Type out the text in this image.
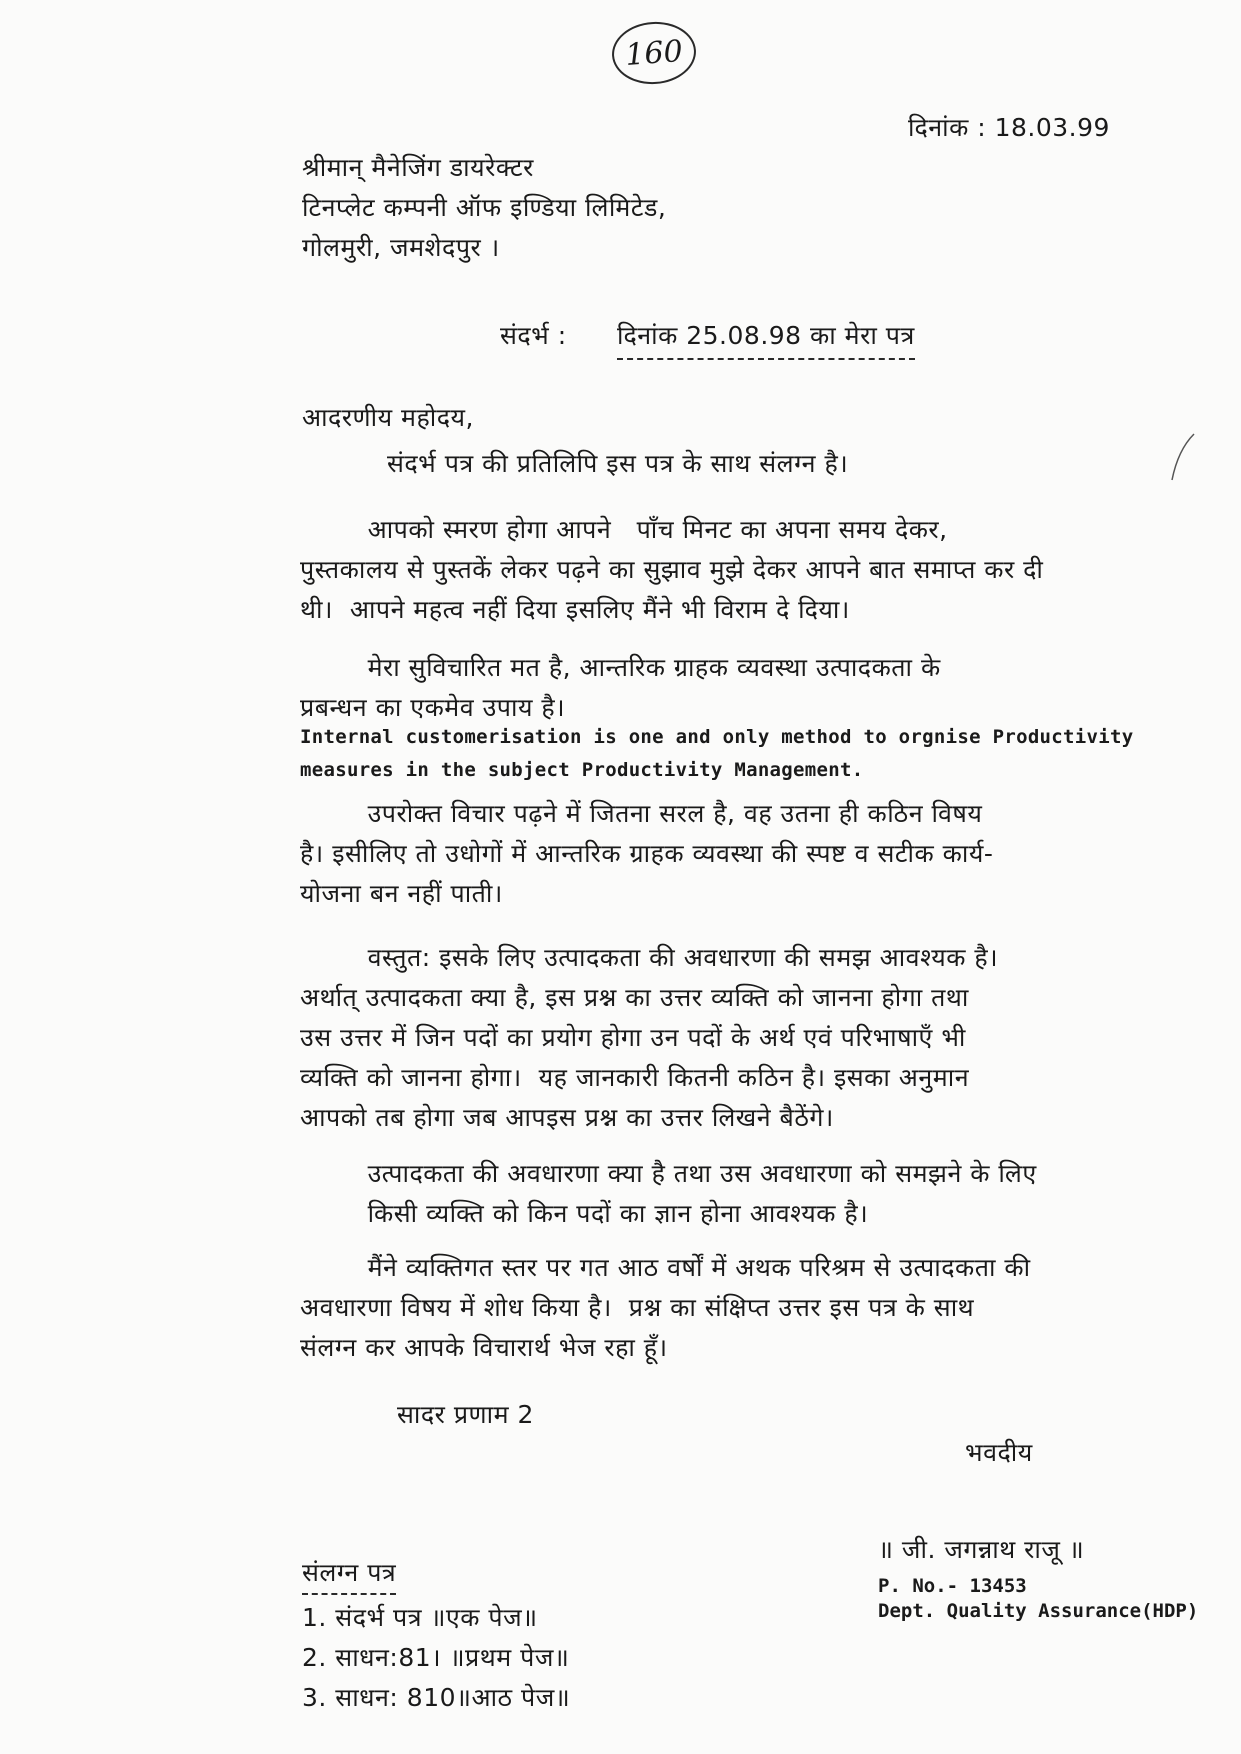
160
दिनांक : 18.03.99
श्रीमान् मैनेजिंग डायरेक्टर
टिनप्लेट कम्पनी ऑफ इण्डिया लिमिटेड,
गोलमुरी, जमशेदपुर ।
संदर्भ : दिनांक 25.08.98 का मेरा पत्र
आदरणीय महोदय,
संदर्भ पत्र की प्रतिलिपि इस पत्र के साथ संलग्न है।
आपको स्मरण होगा आपने   पाँच मिनट का अपना समय देकर,
पुस्तकालय से पुस्तकें लेकर पढ़ने का सुझाव मुझे देकर आपने बात समाप्त कर दी
थी।  आपने महत्व नहीं दिया इसलिए मैंने भी विराम दे दिया।
मेरा सुविचारित मत है, आन्तरिक ग्राहक व्यवस्था उत्पादकता के
प्रबन्धन का एकमेव उपाय है।
Internal customerisation is one and only method to orgnise Productivity
measures in the subject Productivity Management.
उपरोक्त विचार पढ़ने में जितना सरल है, वह उतना ही कठिन विषय
है। इसीलिए तो उधोगों में आन्तरिक ग्राहक व्यवस्था की स्पष्ट व सटीक कार्य-
योजना बन नहीं पाती।
वस्तुत: इसके लिए उत्पादकता की अवधारणा की समझ आवश्यक है।
अर्थात् उत्पादकता क्या है, इस प्रश्न का उत्तर व्यक्ति को जानना होगा तथा
उस उत्तर में जिन पदों का प्रयोग होगा उन पदों के अर्थ एवं परिभाषाएँ भी
व्यक्ति को जानना होगा।  यह जानकारी कितनी कठिन है। इसका अनुमान
आपको तब होगा जब आपइस प्रश्न का उत्तर लिखने बैठेंगे।
उत्पादकता की अवधारणा क्या है तथा उस अवधारणा को समझने के लिए
किसी व्यक्ति को किन पदों का ज्ञान होना आवश्यक है।
मैंने व्यक्तिगत स्तर पर गत आठ वर्षों में अथक परिश्रम से उत्पादकता की
अवधारणा विषय में शोध किया है।  प्रश्न का संक्षिप्त उत्तर इस पत्र के साथ
संलग्न कर आपके विचारार्थ भेज रहा हूँ।
सादर प्रणाम 2
भवदीय
॥ जी. जगन्नाथ राजू ॥
P. No.- 13453
Dept. Quality Assurance(HDP)
संलग्न पत्र
1. संदर्भ पत्र ॥एक पेज॥
2. साधन:81। ॥प्रथम पेज॥
3. साधन: 810॥आठ पेज॥
